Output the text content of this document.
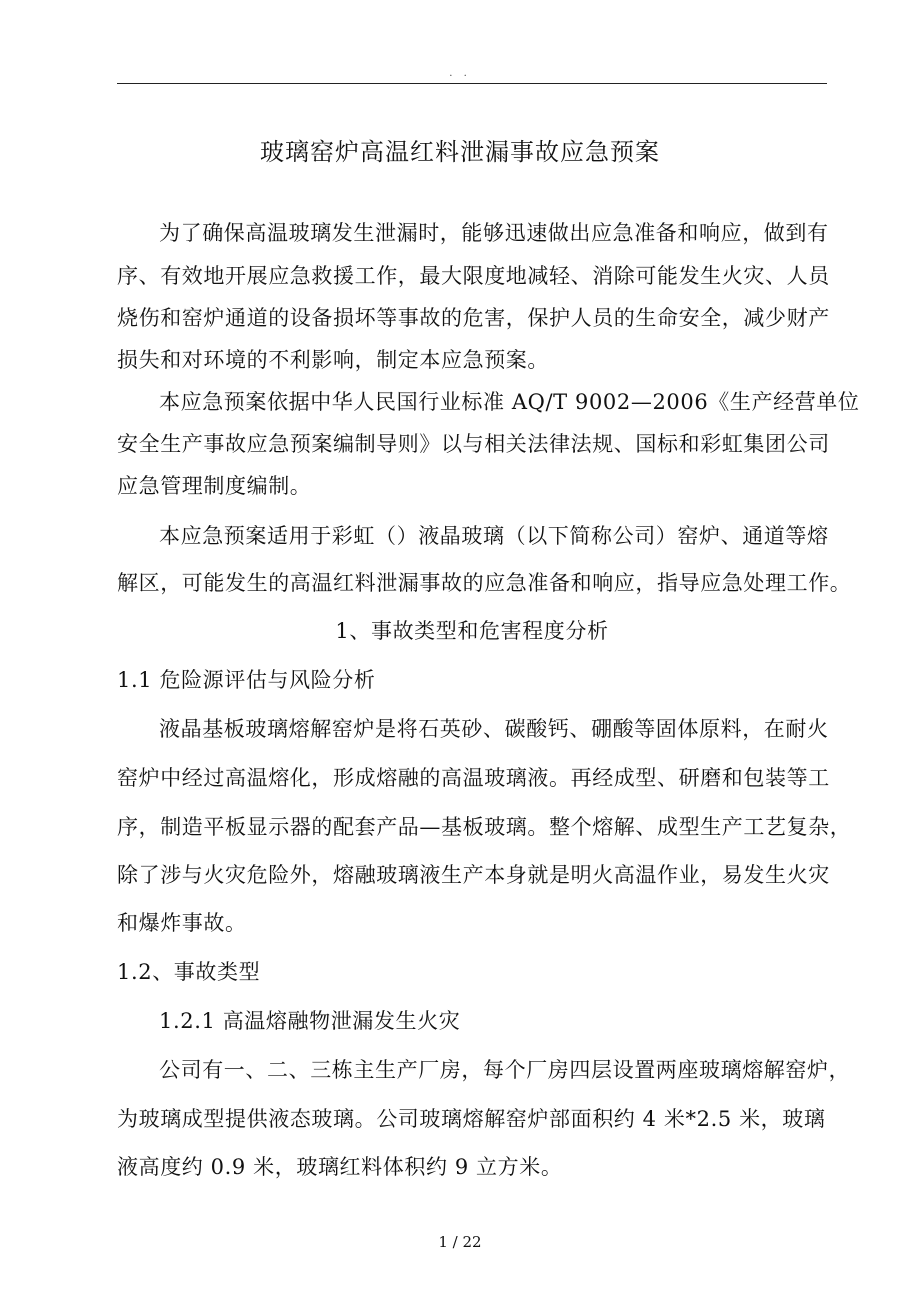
. .
玻璃窑炉高温红料泄漏事故应急预案
为了确保高温玻璃发生泄漏时，能够迅速做出应急准备和响应，做到有
序、有效地开展应急救援工作，最大限度地减轻、消除可能发生火灾、人员
烧伤和窑炉通道的设备损坏等事故的危害，保护人员的生命安全，减少财产
损失和对环境的不利影响，制定本应急预案。
本应急预案依据中华人民国行业标准 AQ/T 9002—2006《生产经营单位
安全生产事故应急预案编制导则》以与相关法律法规、国标和彩虹集团公司
应急管理制度编制。
本应急预案适用于彩虹（）液晶玻璃（以下简称公司）窑炉、通道等熔
解区，可能发生的高温红料泄漏事故的应急准备和响应，指导应急处理工作。
1、事故类型和危害程度分析
1.1 危险源评估与风险分析
液晶基板玻璃熔解窑炉是将石英砂、碳酸钙、硼酸等固体原料，在耐火
窑炉中经过高温熔化，形成熔融的高温玻璃液。再经成型、研磨和包装等工
序，制造平板显示器的配套产品—基板玻璃。整个熔解、成型生产工艺复杂，
除了涉与火灾危险外，熔融玻璃液生产本身就是明火高温作业，易发生火灾
和爆炸事故。
1.2、事故类型
1.2.1 高温熔融物泄漏发生火灾
公司有一、二、三栋主生产厂房，每个厂房四层设置两座玻璃熔解窑炉，
为玻璃成型提供液态玻璃。公司玻璃熔解窑炉部面积约 4 米*2.5 米，玻璃
液高度约 0.9 米，玻璃红料体积约 9 立方米。
1 / 22
